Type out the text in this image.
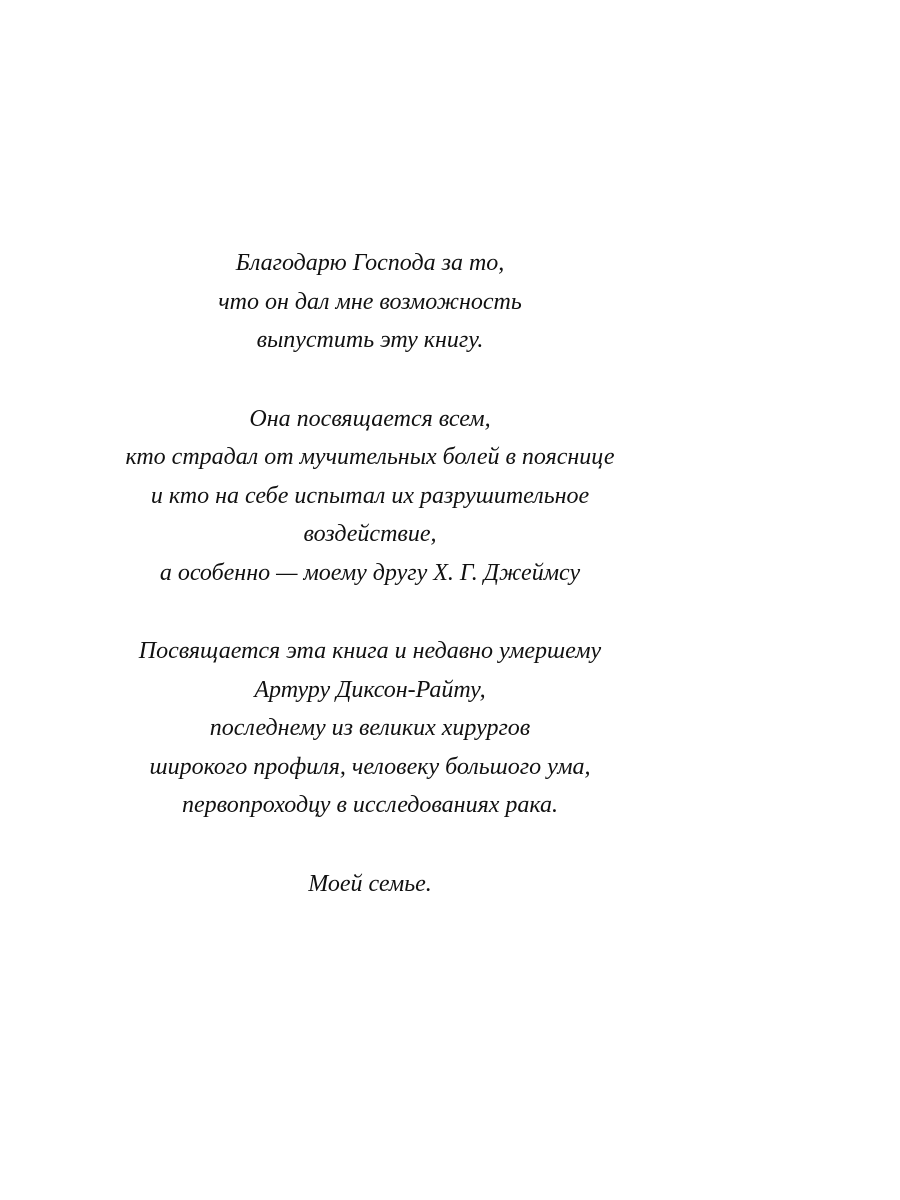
Благодарю Господа за то,
что он дал мне возможность
выпустить эту книгу.

Она посвящается всем,
кто страдал от мучительных болей в пояснице
и кто на себе испытал их разрушительное
воздействие,
а особенно — моему другу Х. Г. Джеймсу

Посвящается эта книга и недавно умершему
Артуру Диксон-Райту,
последнему из великих хирургов
широкого профиля, человеку большого ума,
первопроходцу в исследованиях рака.

Моей семье.
